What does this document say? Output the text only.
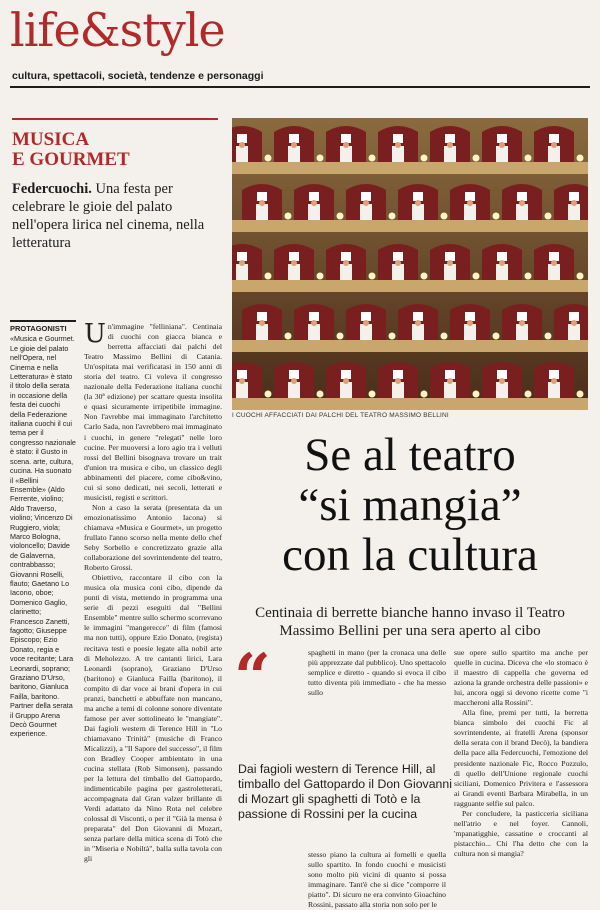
life&style
cultura, spettacoli, società, tendenze e personaggi
MUSICA
E GOURMET
Federcuochi. Una festa per celebrare le gioie del palato nell'opera lirica nel cinema, nella letteratura
I CUOCHI AFFACCIATI DAI PALCHI DEL TEATRO MASSIMO BELLINI
PROTAGONISTI
«Musica e Gourmet. Le gioie del palato nell'Opera, nel Cinema e nella Letteratura» è stato il titolo della serata in occasione della festa dei cuochi della Federazione italiana cuochi il cui tema per il congresso nazionale è stato: il Gusto in scena. arte, cultura, cucina. Ha suonato il «Bellini Ensemble» (Aldo Ferrente, violino; Aldo Traverso, violino; Vincenzo Di Ruggiero, viola; Marco Bologna, violoncello; Davide de Galaverna, contrabbasso; Giovanni Roselli, flauto; Gaetano Lo Iacono, oboe; Domenico Gaglio, clarinetto; Francesco Zanetti, fagotto; Giuseppe Episcopo; Ezio Donato, regia e voce recitante; Lara Leonardi, soprano; Graziano D'Urso, baritono, Gianluca Failla, baritono. Partner della serata il Gruppo Arena Decò Gourmet experience.

Un'immagine "felliniana". Centinaia di cuochi con giacca bianca e berretta affacciati dai palchi del Teatro Massimo Bellini di Catania. Un'ospitata mai verificatasi in 150 anni di storia del teatro. Ci voleva il congresso nazionale della Federazione italiana cuochi (la 30ª edizione) per scattare questa insolita e quasi sicuramente irripetibile immagine. Non l'avrebbe mai immaginato l'architetto Carlo Sada, non l'avrebbero mai immaginato i cuochi, in genere "relegati" nelle loro cucine. Per muoversi a loro agio tra i velluti rossi del Bellini bisognava trovare un trait d'union tra musica e cibo, un classico degli abbinamenti del piacere, come cibo&vino, cui si sono dedicati, nei secoli, letterati e musicisti, registi e scrittori.

Non a caso la serata (presentata da un emozionatissimo Antonio Iacona) si chiamava «Musica e Gourmet», un progetto frullato l'anno scorso nella mente dello chef Seby Sorbello e concretizzato grazie alla collaborazione del sovrintendente del teatro, Roberto Grossi.

Obiettivo, raccontare il cibo con la musica ola musica coni cibo, dipende da punti di vista, mettendo in programma una serie di pezzi eseguiti dal "Bellini Ensemble" mentre sullo schermo scorrevano le immagini "mangerecce" di film (famosi ma non tutti), oppure Ezio Donato, (regista) recitava testi e poesie legate alla nobil arte di Meholezzo. A tre cantanti lirici, Lara Leonardi (soprano), Graziano D'Urso (baritono) e Gianluca Failla (baritono), il compito di dar voce ai brani d'opera in cui pranzi, banchetti e abbuffate non mancano, ma anche a temi di colonne sonore diventate famose per aver sottolineato le "mangiate". Dai fagioli western di Terence Hill in "Lo chiamavano Trinità" (musiche di Franco Micalizzi), a "Il Sapore del successo", il film con Bradley Cooper ambientato in una cucina stellata (Rob Simonsen), passando per la lettura del timballo del Gattopardo, indimenticabile pagina per gastroletterati, accompagnata dal Gran valzer brillante di Verdi adattato da Nino Rota nel celebre colossal di Visconti, o per il "Già la mensa è preparata" del Don Giovanni di Mozart, senza parlare della mitica scena di Totò che in "Miseria e Nobiltà", balla sulla tavola con gli

Se al teatro
“si mangia”
con la cultura
Centinaia di berrette bianche hanno invaso il Teatro Massimo Bellini per una sera aperto al cibo
“
Dai fagioli western di Terence Hill, al timballo del Gattopardo il Don Giovanni di Mozart gli spaghetti di Totò e la passione di Rossini per la cucina
spaghetti in mano (per la cronaca una delle più apprezzate dal pubblico). Uno spettacolo semplice e diretto - quando si evoca il cibo tutto diventa più immediato - che ha messo sullo
stesso piano la cultura ai fornelli e quella sullo spartito. In fondo cuochi e musicisti sono molto più vicini di quanto si possa immaginare. Tant'è che si dice "comporre il piatto". Di sicuro ne era convinto Gioachino Rossini, passato alla storia non solo per le

sue opere sullo spartito ma anche per quelle in cucina. Diceva che «lo stomaco è il maestro di cappella che governa ed aziona la grande orchestra delle passioni» e lui, ancora oggi si devono ricette come "i maccheroni alla Rossini".

Alla fine, premi per tutti, la berretta bianca simbolo dei cuochi Fic al sovrintendente, ai fratelli Arena (sponsor della serata con il brand Decò), la bandiera della pace alla Federcuochi, l'emozione del presidente nazionale Fic, Rocco Pozzulo, di quello dell'Unione regionale cuochi siciliani, Domenico Privitera e l'assessora ai Grandi eventi Barbara Mirabella, in un ragguante selfie sul palco.

Per concludere, la pasticceria siciliana nell'atrio e nel foyer. Cannoli, 'mpanatigghie, cassatine e croccanti al pistacchio... Chi l'ha detto che con la cultura non si mangia?
